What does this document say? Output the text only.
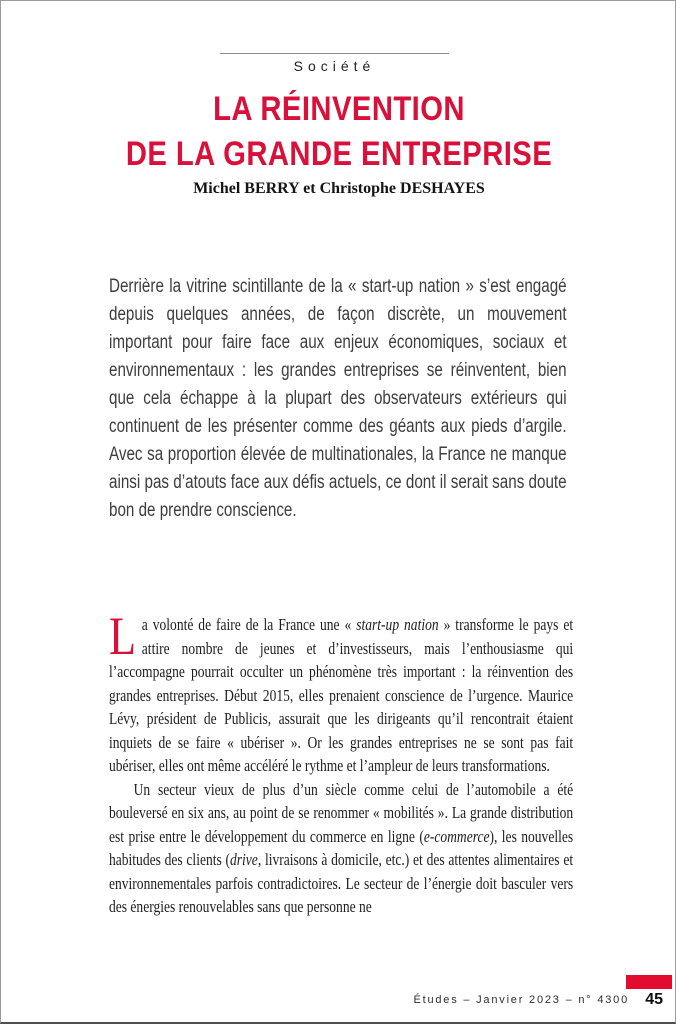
Société
LA RÉINVENTION
DE LA GRANDE ENTREPRISE
Michel BERRY et Christophe DESHAYES
Derrière la vitrine scintillante de la « start-up nation » s’est engagé depuis quelques années, de façon discrète, un mouvement important pour faire face aux enjeux économiques, sociaux et environnementaux : les grandes entreprises se réinventent, bien que cela échappe à la plupart des observateurs extérieurs qui continuent de les présenter comme des géants aux pieds d’argile. Avec sa proportion élevée de multinationales, la France ne manque ainsi pas d’atouts face aux défis actuels, ce dont il serait sans doute bon de prendre conscience.

La volonté de faire de la France une « start-up nation » transforme le pays et attire nombre de jeunes et d’investisseurs, mais l’enthousiasme qui l’accompagne pourrait occulter un phénomène très important : la réinvention des grandes entreprises. Début 2015, elles prenaient conscience de l’urgence. Maurice Lévy, président de Publicis, assurait que les dirigeants qu’il rencontrait étaient inquiets de se faire « ubériser ». Or les grandes entreprises ne se sont pas fait ubériser, elles ont même accéléré le rythme et l’ampleur de leurs transformations.

Un secteur vieux de plus d’un siècle comme celui de l’automobile a été bouleversé en six ans, au point de se renommer « mobilités ». La grande distribution est prise entre le développement du commerce en ligne (e-commerce), les nouvelles habitudes des clients (drive, livraisons à domicile, etc.) et des attentes alimentaires et environnementales parfois contradictoires. Le secteur de l’énergie doit basculer vers des énergies renouvelables sans que personne ne

Études – Janvier 2023 – n° 4300 45
